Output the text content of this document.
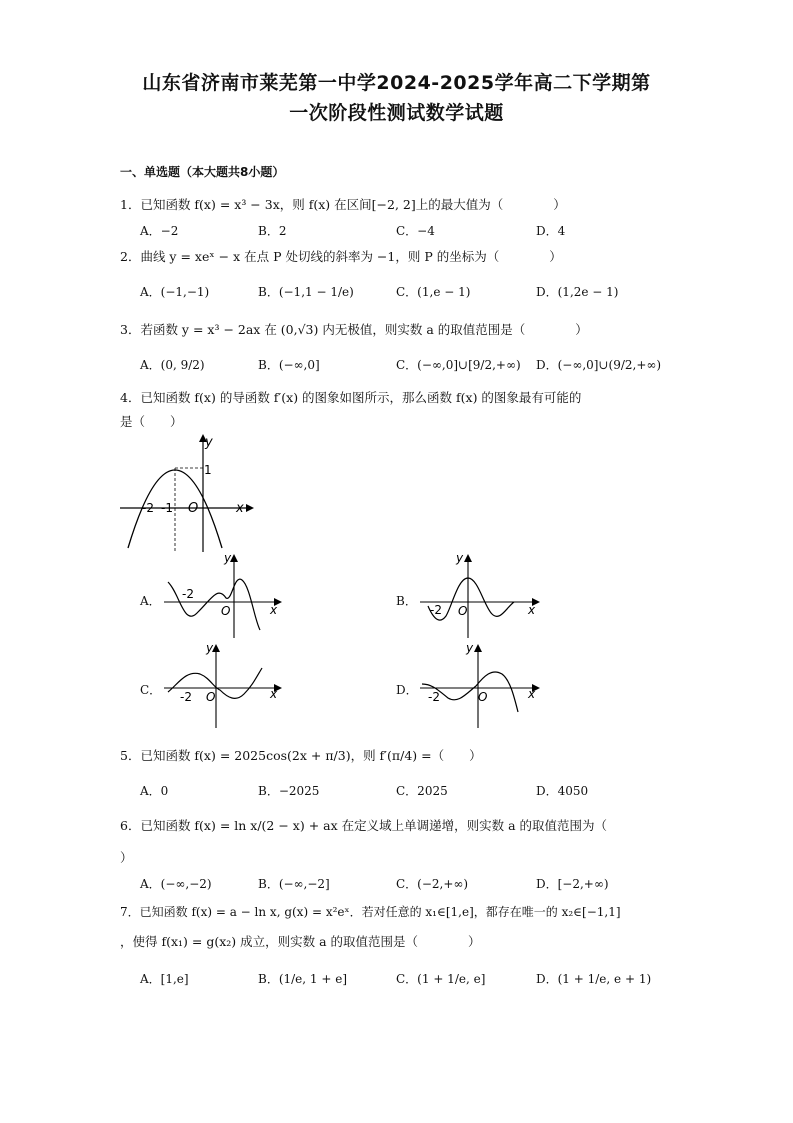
山东省济南市莱芜第一中学2024-2025学年高二下学期第
一次阶段性测试数学试题
一、单选题（本大题共8小题）
1．已知函数 f(x) = x³ − 3x，则 f(x) 在区间[−2, 2]上的最大值为（　　　　）
A．−2	B．2	C．−4	D．4
2．曲线 y = xeˣ − x 在点 P 处切线的斜率为 −1，则 P 的坐标为（　　　　）
A．(−1,−1)	B．(−1,1 − 1/e)	C．(1,e − 1)	D．(1,2e − 1)
3．若函数 y = x³ − 2ax 在 (0,√3) 内无极值，则实数 a 的取值范围是（　　　　）
A．(0, 9/2)	B．(−∞,0]	C．(−∞,0]∪[9/2,+∞) D．(−∞,0]∪(9/2,+∞)
4．已知函数 f(x) 的导函数 f′(x) 的图象如图所示，那么函数 f(x) 的图象最有可能的
是（　　）
y
x
1
O
-2 -1
A．
y
x
O
-2	B．
y
x
O
-2
C．
y
x
O
-2	D．
y
x
O
-2
5．已知函数 f(x) = 2025cos(2x + π/3)，则 f′(π/4) =（　　）
A．0	B．−2025	C．2025	D．4050
6．已知函数 f(x) = ln x/(2 − x) + ax 在定义域上单调递增，则实数 a 的取值范围为（
）
A．(−∞,−2)	B．(−∞,−2]	C．(−2,+∞)	D．[−2,+∞)
7．已知函数 f(x) = a − ln x, g(x) = x²eˣ．若对任意的 x₁∈[1,e]，都存在唯一的 x₂∈[−1,1]
，使得 f(x₁) = g(x₂) 成立，则实数 a 的取值范围是（　　　　）
A．[1,e]	B．(1/e, 1 + e]	C．(1 + 1/e, e]	D．(1 + 1/e, e + 1)
